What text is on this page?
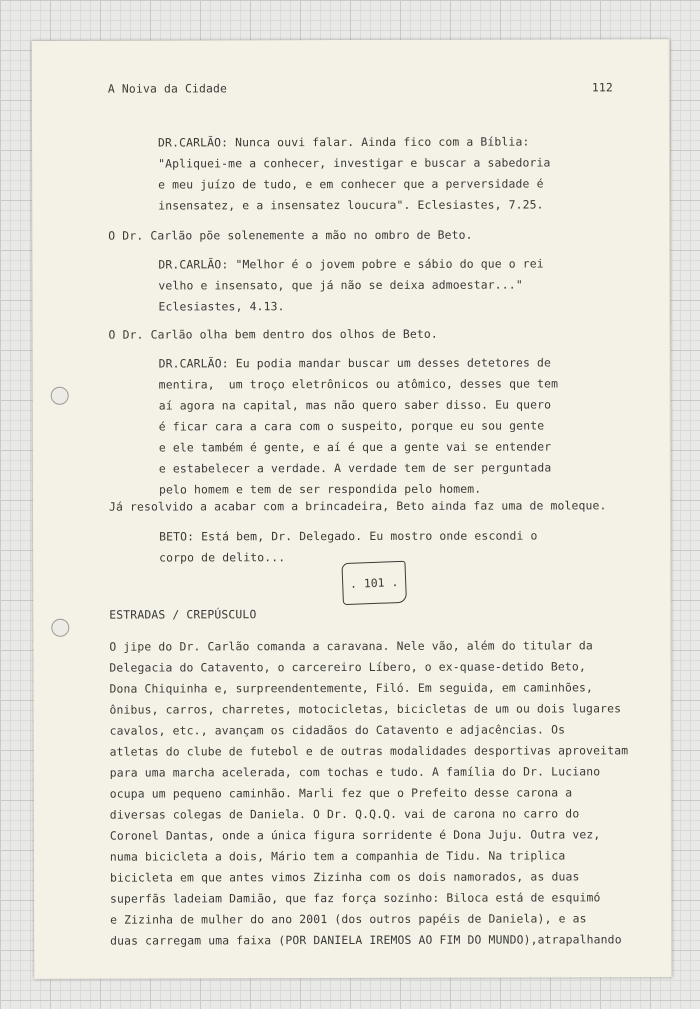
A Noiva da Cidade	112

DR.CARLÃO: Nunca ouvi falar. Ainda fico com a Bíblia:

"Apliquei-me a conhecer, investigar e buscar a sabedoria

e meu juízo de tudo, e em conhecer que a perversidade é

insensatez, e a insensatez loucura". Eclesiastes, 7.25.

O Dr. Carlão põe solenemente a mão no ombro de Beto.

DR.CARLÃO: "Melhor é o jovem pobre e sábio do que o rei

velho e insensato, que já não se deixa admoestar..."

Eclesiastes, 4.13.

O Dr. Carlão olha bem dentro dos olhos de Beto.

DR.CARLÃO: Eu podia mandar buscar um desses detetores de

mentira,  um troço eletrônicos ou atômico, desses que tem

aí agora na capital, mas não quero saber disso. Eu quero

é ficar cara a cara com o suspeito, porque eu sou gente

e ele também é gente, e aí é que a gente vai se entender

e estabelecer a verdade. A verdade tem de ser perguntada

pelo homem e tem de ser respondida pelo homem.

Já resolvido a acabar com a brincadeira, Beto ainda faz uma de moleque.

BETO: Está bem, Dr. Delegado. Eu mostro onde escondi o

corpo de delito...

. 101 .

ESTRADAS / CREPÚSCULO

O jipe do Dr. Carlão comanda a caravana. Nele vão, além do titular da

Delegacia do Catavento, o carcereiro Líbero, o ex-quase-detido Beto,

Dona Chiquinha e, surpreendentemente, Filó. Em seguida, em caminhões,

ônibus, carros, charretes, motocicletas, bicicletas de um ou dois lugares

cavalos, etc., avançam os cidadãos do Catavento e adjacências. Os

atletas do clube de futebol e de outras modalidades desportivas aproveitam

para uma marcha acelerada, com tochas e tudo. A família do Dr. Luciano

ocupa um pequeno caminhão. Marli fez que o Prefeito desse carona a

diversas colegas de Daniela. O Dr. Q.Q.Q. vai de carona no carro do

Coronel Dantas, onde a única figura sorridente é Dona Juju. Outra vez,

numa bicicleta a dois, Mário tem a companhia de Tidu. Na triplica

bicicleta em que antes vimos Zizinha com os dois namorados, as duas

superfãs ladeiam Damião, que faz força sozinho: Biloca está de esquimó

e Zizinha de mulher do ano 2001 (dos outros papéis de Daniela), e as

duas carregam uma faixa (POR DANIELA IREMOS AO FIM DO MUNDO),atrapalhando
